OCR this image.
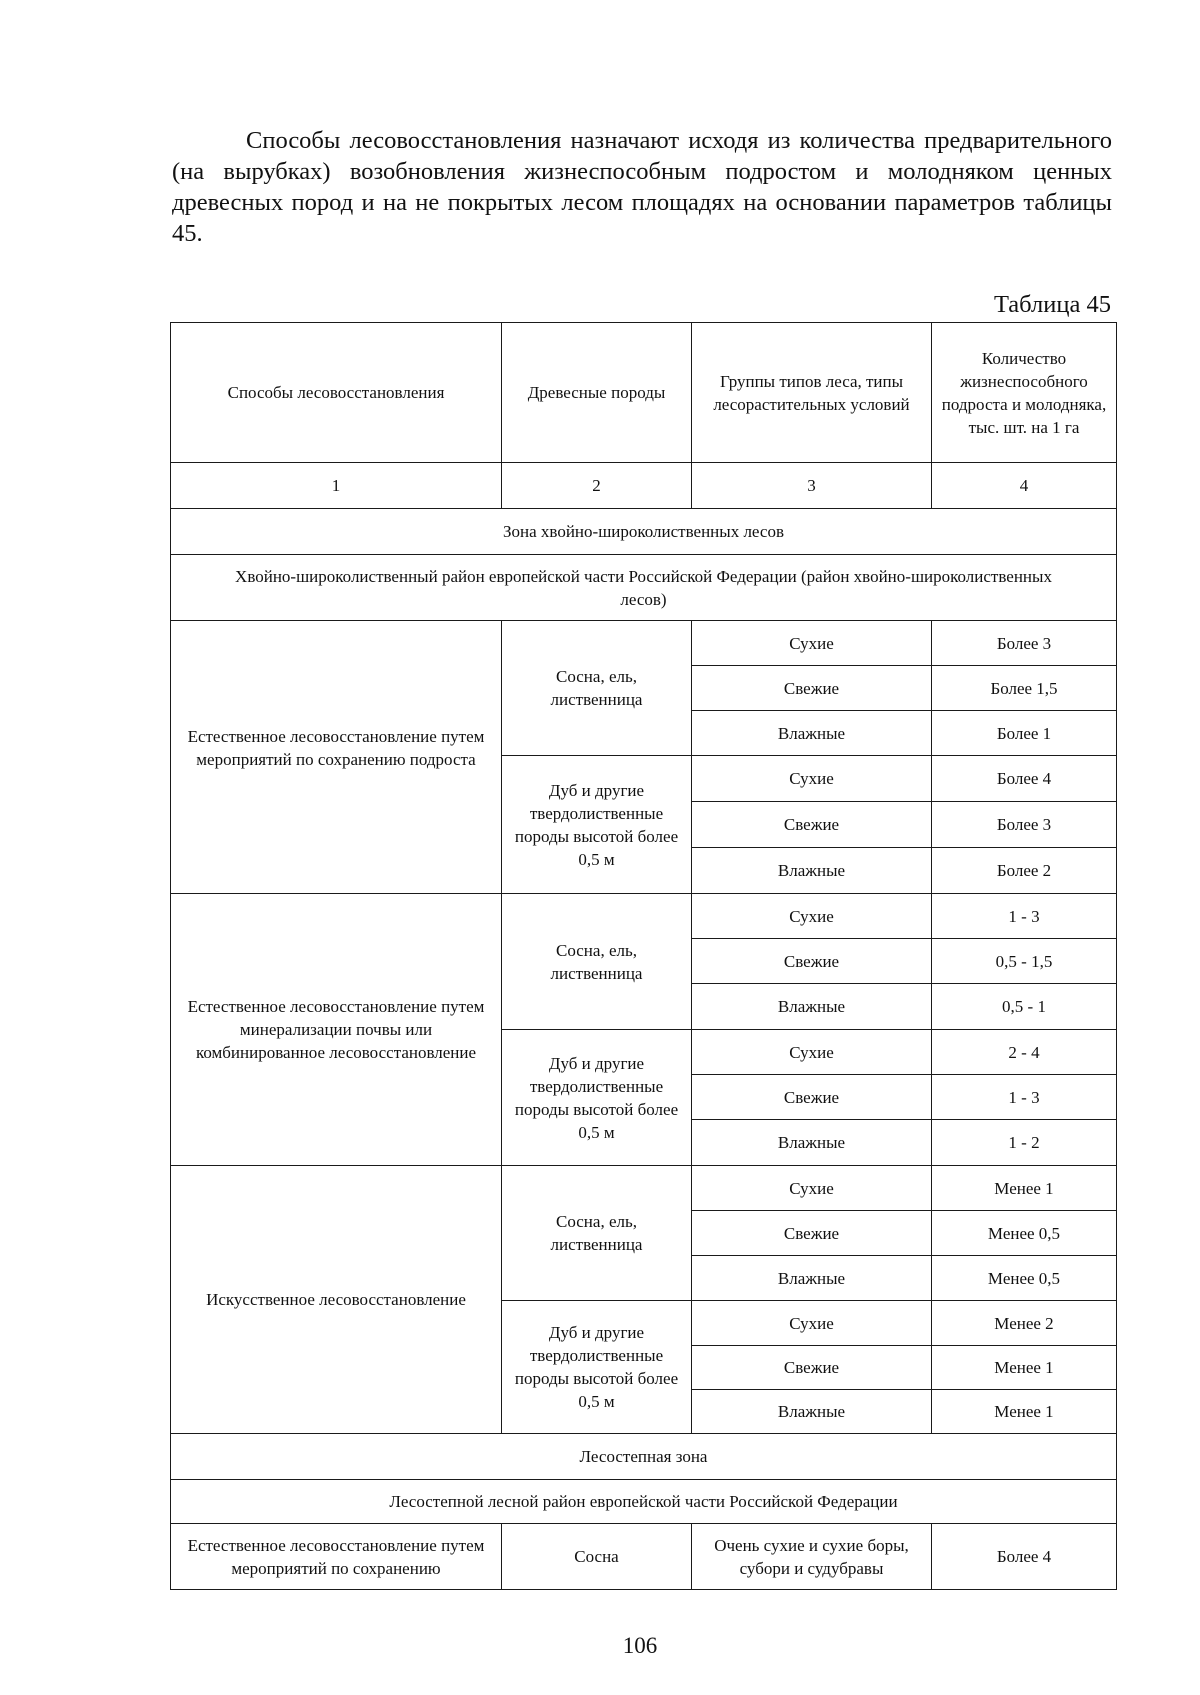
Способы лесовосстановления назначают исходя из количества предварительного (на вырубках) возобновления жизнеспособным подростом и молодняком ценных древесных пород и на не покрытых лесом площадях на основании параметров таблицы 45.

Таблица 45
Способы лесовосстановления	Древесные породы	Группы типов леса, типы лесорастительных условий	Количество жизнеспособного подроста и молодняка, тыс. шт. на 1 га
1	2	3	4
Зона хвойно-широколиственных лесов			
Хвойно-широколиственный район европейской части Российской Федерации (район хвойно-широколиственных лесов)			

Естественное лесовосстановление путем мероприятий по сохранению подроста	Сосна, ель, лиственница	Сухие	Более 3
		Свежие	Более 1,5
		Влажные	Более 1
	Дуб и другие твердолиственные породы высотой более 0,5 м	Сухие	Более 4
		Свежие	Более 3
		Влажные	Более 2
Естественное лесовосстановление путем минерализации почвы или комбинированное лесовосстановление	Сосна, ель, лиственница	Сухие	1 - 3
		Свежие	0,5 - 1,5
		Влажные	0,5 - 1
	Дуб и другие твердолиственные породы высотой более 0,5 м	Сухие	2 - 4
		Свежие	1 - 3
		Влажные	1 - 2
Искусственное лесовосстановление	Сосна, ель, лиственница	Сухие	Менее 1
		Свежие	Менее 0,5
		Влажные	Менее 0,5
	Дуб и другие твердолиственные породы высотой более 0,5 м	Сухие	Менее 2
		Свежие	Менее 1
		Влажные	Менее 1
Лесостепная зона			
Лесостепной лесной район европейской части Российской Федерации			
Естественное лесовосстановление путем мероприятий по сохранению	Сосна	Очень сухие и сухие боры, субори и судубравы	Более 4
106
